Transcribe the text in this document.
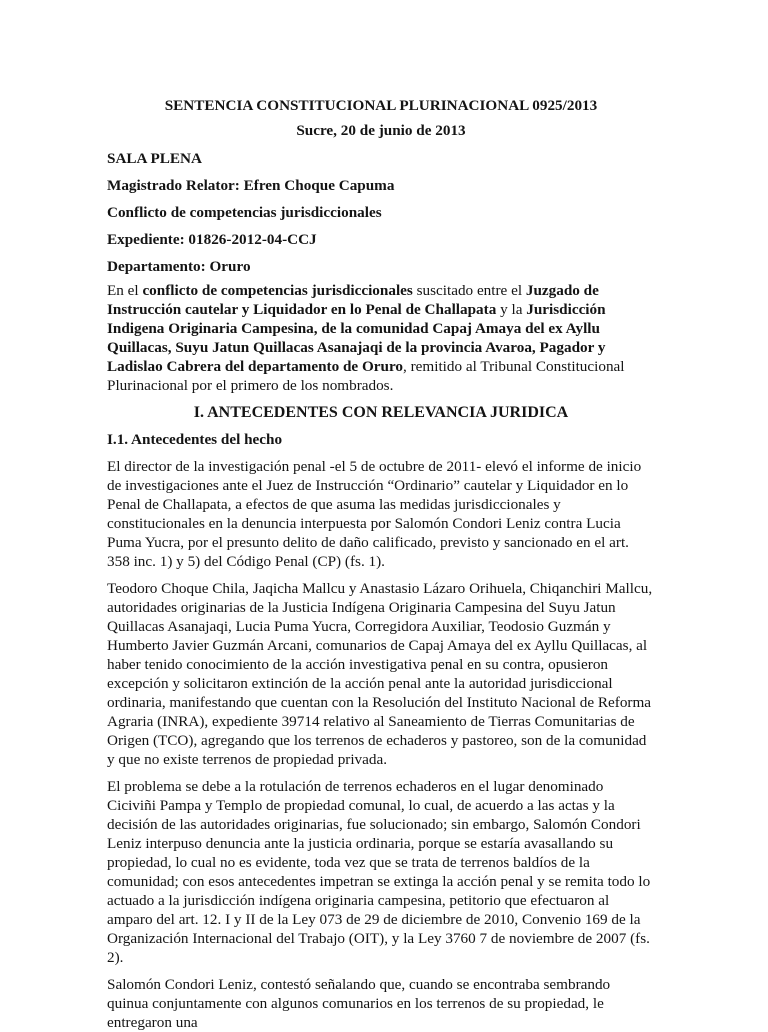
SENTENCIA CONSTITUCIONAL PLURINACIONAL 0925/2013
Sucre, 20 de junio de 2013
SALA PLENA
Magistrado Relator: Efren Choque Capuma
Conflicto de competencias jurisdiccionales
Expediente: 01826-2012-04-CCJ
Departamento: Oruro

En el conflicto de competencias jurisdiccionales suscitado entre el Juzgado de Instrucción cautelar y Liquidador en lo Penal de Challapata y la Jurisdicción Indigena Originaria Campesina, de la comunidad Capaj Amaya del ex Ayllu Quillacas, Suyu Jatun Quillacas Asanajaqi de la provincia Avaroa, Pagador y Ladislao Cabrera del departamento de Oruro, remitido al Tribunal Constitucional Plurinacional por el primero de los nombrados.

I. ANTECEDENTES CON RELEVANCIA JURIDICA
I.1. Antecedentes del hecho

El director de la investigación penal -el 5 de octubre de 2011- elevó el informe de inicio de investigaciones ante el Juez de Instrucción “Ordinario” cautelar y Liquidador en lo Penal de Challapata, a efectos de que asuma las medidas jurisdiccionales y constitucionales en la denuncia interpuesta por Salomón Condori Leniz contra Lucia Puma Yucra, por el presunto delito de daño calificado, previsto y sancionado en el art. 358 inc. 1) y 5) del Código Penal (CP) (fs. 1).

Teodoro Choque Chila, Jaqicha Mallcu y Anastasio Lázaro Orihuela, Chiqanchiri Mallcu, autoridades originarias de la Justicia Indígena Originaria Campesina del Suyu Jatun Quillacas Asanajaqi, Lucia Puma Yucra, Corregidora Auxiliar, Teodosio Guzmán y Humberto Javier Guzmán Arcani, comunarios de Capaj Amaya del ex Ayllu Quillacas, al haber tenido conocimiento de la acción investigativa penal en su contra, opusieron excepción y solicitaron extinción de la acción penal ante la autoridad jurisdiccional ordinaria, manifestando que cuentan con la Resolución del Instituto Nacional de Reforma Agraria (INRA), expediente 39714 relativo al Saneamiento de Tierras Comunitarias de Origen (TCO), agregando que los terrenos de echaderos y pastoreo, son de la comunidad y que no existe terrenos de propiedad privada.

El problema se debe a la rotulación de terrenos echaderos en el lugar denominado Ciciviñi Pampa y Templo de propiedad comunal, lo cual, de acuerdo a las actas y la decisión de las autoridades originarias, fue solucionado; sin embargo, Salomón Condori Leniz interpuso denuncia ante la justicia ordinaria, porque se estaría avasallando su propiedad, lo cual no es evidente, toda vez que se trata de terrenos baldíos de la comunidad; con esos antecedentes impetran se extinga la acción penal y se remita todo lo actuado a la jurisdicción indígena originaria campesina, petitorio que efectuaron al amparo del art. 12. I y II de la Ley 073 de 29 de diciembre de 2010, Convenio 169 de la Organización Internacional del Trabajo (OIT), y la Ley 3760 7 de noviembre de 2007 (fs. 2).

Salomón Condori Leniz, contestó señalando que, cuando se encontraba sembrando quinua conjuntamente con algunos comunarios en los terrenos de su propiedad, le entregaron una
